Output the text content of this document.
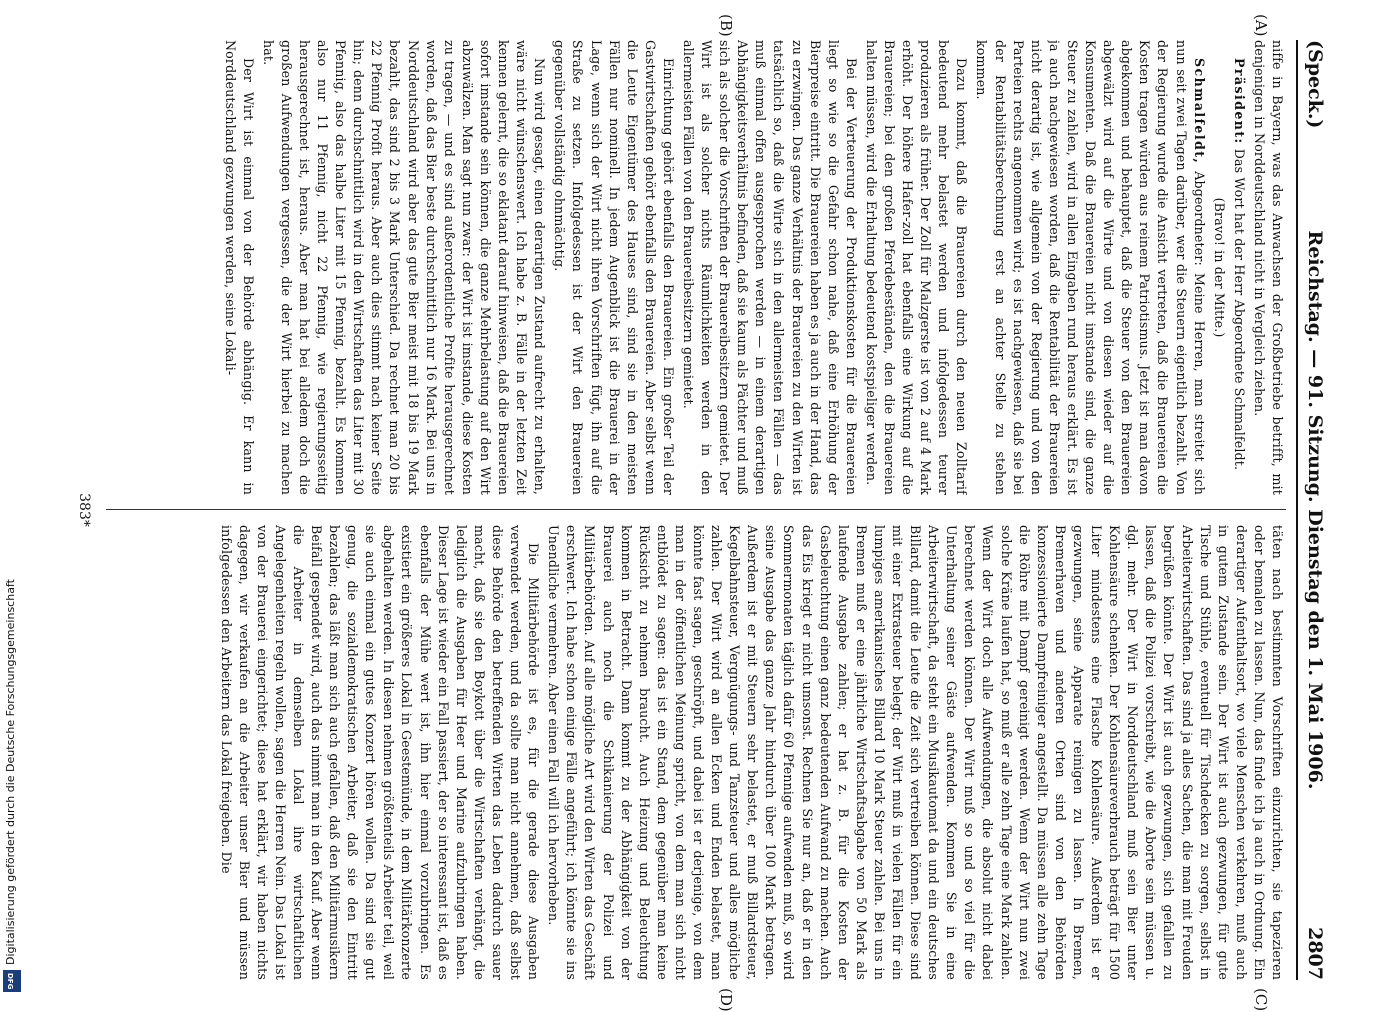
(Speck.)
Reichstag. — 91. Sitzung. Dienstag den 1. Mai 1906.
2807
(A)
(B)
(C)
(D)

niffe in Bayern, was das Anwachsen der Großbetriebe betrifft, mit denjenigen in Norddeutschland nicht in Vergleich ziehen.

Präsident: Das Wort hat der Herr Abgeordnete Schmalfeldt.

(Bravo! in der Mitte.)

Schmalfeldt, Abgeordneter: Meine Herren, man streitet sich nun seit zwei Tagen darüber, wer die Steuern eigentlich bezahlt. Von der Regierung wurde die Ansicht vertreten, daß die Brauereien die Kosten tragen würden aus reinem Patriotismus. Jetzt ist man davon abgekommen und behauptet, daß die Steuer von den Brauereien abgewälzt wird auf die Wirte und von diesen wieder auf die Konsumenten. Daß die Brauereien nicht imstande sind, die ganze Steuer zu zahlen, wird in allen Eingaben rund heraus erklärt. Es ist ja auch nachgewiesen worden, daß die Rentabilität der Brauereien nicht derartig ist, wie allgemein von der Regierung und von den Parteien rechts angenommen wird; es ist nachgewiesen, daß sie bei der Rentabilitätsberechnung erst an achter Stelle zu stehen kommen.

Dazu kommt, daß die Brauereien durch den neuen Zolltarif bedeutend mehr belastet werden und infolgedessen teurer produzieren als früher. Der Zoll für Malzgerste ist von 2 auf 4 Mark erhöht. Der höhere Hafer-zoll hat ebenfalls eine Wirkung auf die Brauereien; bei den großen Pferdebeständen, den die Brauereien halten müssen, wird die Erhaltung bedeutend kostspieliger werden.

Bei der Verteuerung der Produktionskosten für die Brauereien liegt so wie so die Gefahr schon nahe, daß eine Erhöhung der Bierpreise eintritt. Die Brauereien haben es ja auch in der Hand, das zu erzwingen. Das ganze Verhältnis der Brauereien zu den Wirten ist tatsächlich so, daß die Wirte sich in den allermeisten Fällen — das muß einmal offen ausgesprochen werden — in einem derartigen Abhängigkeitsverhältnis befinden, daß sie kaum als Pächter und muß sich als solcher die Vorschriften der Brauereibesitzern gemietet. Der Wirt ist als solcher nichts Räumlichkeiten werden in den allermeisten Fällen von den Brauereibesitzern gemietet.

Einrichtung gehört ebenfalls den Brauereien. Ein großer Teil der Gastwirtschaften gehört ebenfalls den Brauereien. Aber selbst wenn die Leute Eigentümer des Hauses sind, sind sie in den meisten Fällen nur nominell. In jedem Augenblick ist die Brauerei in der Lage, wenn sich der Wirt nicht ihren Vorschriften fügt, ihn auf die Straße zu setzen. Infolgedessen ist der Wirt den Brauereien gegenüber vollständig ohnmächtig.

Nun wird gesagt, einen derartigen Zustand aufrecht zu erhalten, wäre nicht wünschenswert. Ich habe z. B. Fälle in der letzten Zeit kennen gelernt, die so eklatant darauf hinweisen, daß die Brauereien sofort imstande sein können, die ganze Mehrbelastung auf den Wirt abzuwälzen. Man sagt nun zwar: der Wirt ist imstande, diese Kosten zu tragen, — und es sind außerordentliche Profite herausgerechnet worden, daß das Bier beste durchschnittlich nur 16 Mark. Bei uns in Norddeutschland wird aber das gute Bier meist mit 18 bis 19 Mark bezahlt, das sind 2 bis 3 Mark Unterschied. Da rechnet man 20 bis 22 Pfennig Profit heraus. Aber auch dies stimmt nach keiner Seite hin; denn durchschnittlich wird in den Wirtschaften das Liter mit 30 Pfennig, also das halbe Liter mit 15 Pfennig, bezahlt. Es kommen also nur 11 Pfennig, nicht 22 Pfennig, wie regierungsseitig herausgerechnet ist, heraus. Aber man hat bei alledem doch die großen Aufwendungen vergessen, die der Wirt hierbei zu machen hat.

Der Wirt ist einmal von der Behörde abhängig. Er kann in Norddeutschland gezwungen werden, seine Lokali-

täten nach bestimmten Vorschriften einzurichten, sie tapezieren oder bemalen zu lassen. Nun, das finde ich ja auch in Ordnung. Ein derartiger Aufenthaltsort, wo viele Menschen verkehren, muß auch in gutem Zustande sein. Der Wirt ist auch gezwungen, für gute Tische und Stühle, eventuell für Tischdecken zu sorgen, selbst in Arbeiterwirtschaften. Das sind ja alles Sachen, die man mit Freuden begrüßen könnte. Der Wirt ist auch gezwungen, sich gefallen zu lassen, daß die Polizei vorschreibt, wie die Aborte sein müssen u. dgl. mehr. Der Wirt in Norddeutschland muß sein Bier unter Kohlensäure schenken. Der Kohlensäureverbrauch beträgt für 1500 Liter mindestens eine Flasche Kohlensäure. Außerdem ist er gezwungen, seine Apparate reinigen zu lassen. In Bremen, Bremerhaven und anderen Orten sind von den Behörden konzessionierte Dampfreiniger angestellt. Da müssen alle zehn Tage die Röhre mit Dampf gereinigt werden. Wenn der Wirt nun zwei solche Kräne laufen hat, so muß er alle zehn Tage eine Mark zahlen. Wenn der Wirt doch alle Aufwendungen, die absolut nicht dabei berechnet werden können. Der Wirt muß so und so viel für die Unterhaltung seiner Gäste aufwenden. Kommen Sie in eine Arbeiterwirtschaft, da steht ein Musikautomat da und ein deutsches Billard, damit die Leute die Zeit sich vertreiben können. Diese sind mit einer Extrasteuer belegt; der Wirt muß in vielen Fällen für ein lumpiges amerikanisches Billard 10 Mark Steuer zahlen. Bei uns in Bremen muß er eine jährliche Wirtschaftsabgabe von 50 Mark als laufende Ausgabe zahlen; er hat z. B. für die Kosten der Gasbeleuchtung einen ganz bedeutenden Aufwand zu machen. Auch das Eis kriegt er nicht umsonst. Rechnen Sie nur an, daß er in den Sommermonaten täglich dafür 60 Pfennige aufwenden muß, so wird seine Ausgabe das ganze Jahr hindurch über 100 Mark betragen. Außerdem ist er mit Steuern sehr belastet, er muß Billardsteuer, Kegelbahnsteuer, Vergnügungs- und Tanzsteuer und alles mögliche zahlen. Der Wirt wird an allen Ecken und Enden belastet, man könnte fast sagen, geschröpft, und dabei ist er derjenige, von dem man in der öffentlichen Meinung spricht, von dem man sich nicht entblödet zu sagen: das ist ein Stand, dem gegenüber man keine Rücksicht zu nehmen braucht. Auch Heizung und Beleuchtung kommen in Betracht. Dann kommt zu der Abhängigkeit von der Brauerei auch noch die Schikanierung der Polizei und Militärbehörden. Auf alle mögliche Art wird den Wirten das Geschäft erschwert. Ich habe schon einige Fälle angeführt; ich könnte sie ins Unendliche vermehren. Aber einen Fall will ich hervorheben.

Die Militärbehörde ist es, für die gerade diese Ausgaben verwendet werden, und da sollte man nicht annehmen, daß selbst diese Behörde den betreffenden Wirten das Leben dadurch sauer macht, daß sie den Boykott über die Wirtschaften verhängt, die lediglich die Ausgaben für Heer und Marine aufzubringen haben. Dieser Lage ist wieder ein Fall passiert, der so interessant ist, daß es ebenfalls der Mühe wert ist, ihn hier einmal vorzubringen. Es existiert ein größeres Lokal in Geestemünde, in dem Militärkonzerte abgehalten werden. In diesen nehmen größtenteils Arbeiter teil, weil sie auch einmal ein gutes Konzert hören wollen. Da sind sie gut genug, die sozialdemokratischen Arbeiter, daß sie den Eintritt bezahlen; das läßt man sich auch gefallen, daß den Militärmusikern Beifall gespendet wird, auch das nimmt man in den Kauf. Aber wenn die Arbeiter in demselben Lokal ihre wirtschaftlichen Angelegenheiten regeln wollen, sagen die Herren Nein. Das Lokal ist von der Brauerei eingerichtet; diese hat erklärt, wir haben nichts dagegen, wir verkaufen an die Arbeiter unser Bier und müssen infolgedessen den Arbeitern das Lokal freigeben. Die

383*
Digitalisierung gefördert durch die Deutsche Forschungsgemeinschaft
DFG
